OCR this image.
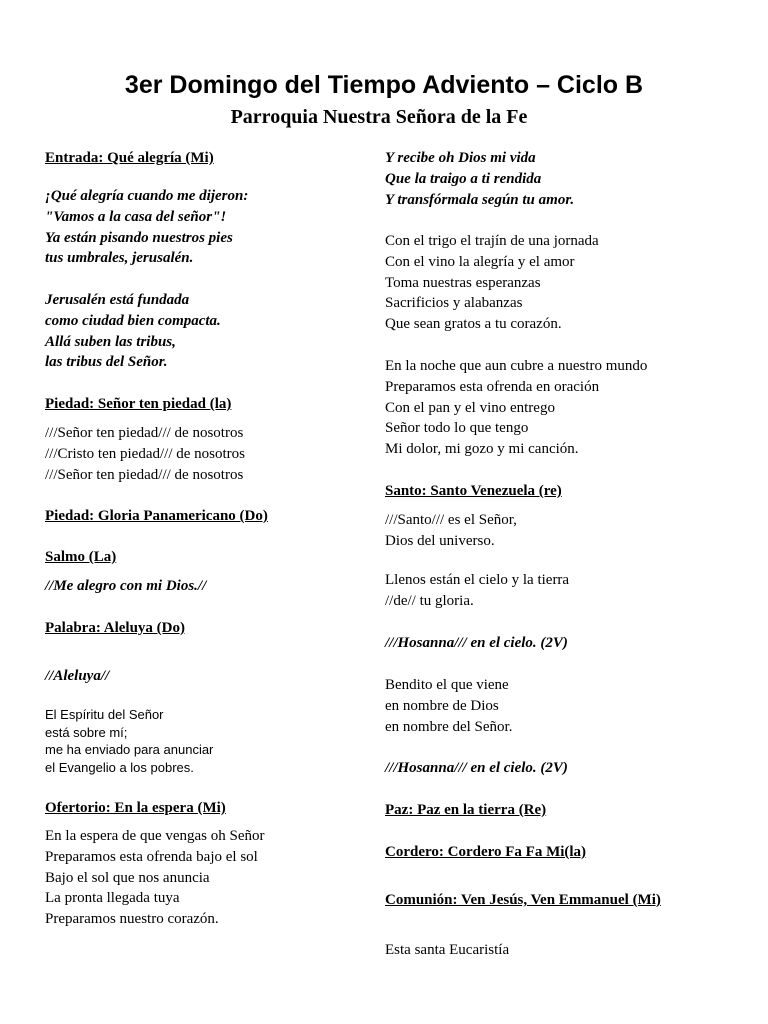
3er Domingo del Tiempo Adviento – Ciclo B
Parroquia Nuestra Señora de la Fe
Entrada: Qué alegría (Mi)
¡Qué alegría cuando me dijeron:
"Vamos a la casa del señor"!
Ya están pisando nuestros pies
tus umbrales, jerusalén.
Jerusalén está fundada
como ciudad bien compacta.
Allá suben las tribus,
las tribus del Señor.
Piedad: Señor ten piedad (la)
///Señor ten piedad/// de nosotros
///Cristo ten piedad/// de nosotros
///Señor ten piedad/// de nosotros
Piedad: Gloria Panamericano (Do)
Salmo (La)
//Me alegro con mi Dios.//
Palabra: Aleluya (Do)
//Aleluya//
El Espíritu del Señor
está sobre mí;
me ha enviado para anunciar
el Evangelio a los pobres.
Ofertorio: En la espera (Mi)
En la espera de que vengas oh Señor
Preparamos esta ofrenda bajo el sol
Bajo el sol que nos anuncia
La pronta llegada tuya
Preparamos nuestro corazón.
Y recibe oh Dios mi vida
Que la traigo a ti rendida
Y transfórmala según tu amor.
Con el trigo el trajín de una jornada
Con el vino la alegría y el amor
Toma nuestras esperanzas
Sacrificios y alabanzas
Que sean gratos a tu corazón.
En la noche que aun cubre a nuestro mundo
Preparamos esta ofrenda en oración
Con el pan y el vino entrego
Señor todo lo que tengo
Mi dolor, mi gozo y mi canción.
Santo: Santo Venezuela (re)
///Santo/// es el Señor,
Dios del universo.
Llenos están el cielo y la tierra
//de// tu gloria.
///Hosanna/// en el cielo. (2V)
Bendito el que viene
en nombre de Dios
en nombre del Señor.
///Hosanna/// en el cielo. (2V)
Paz: Paz en la tierra (Re)
Cordero: Cordero Fa Fa Mi(la)
Comunión: Ven Jesús, Ven Emmanuel (Mi)
Esta santa Eucaristía
